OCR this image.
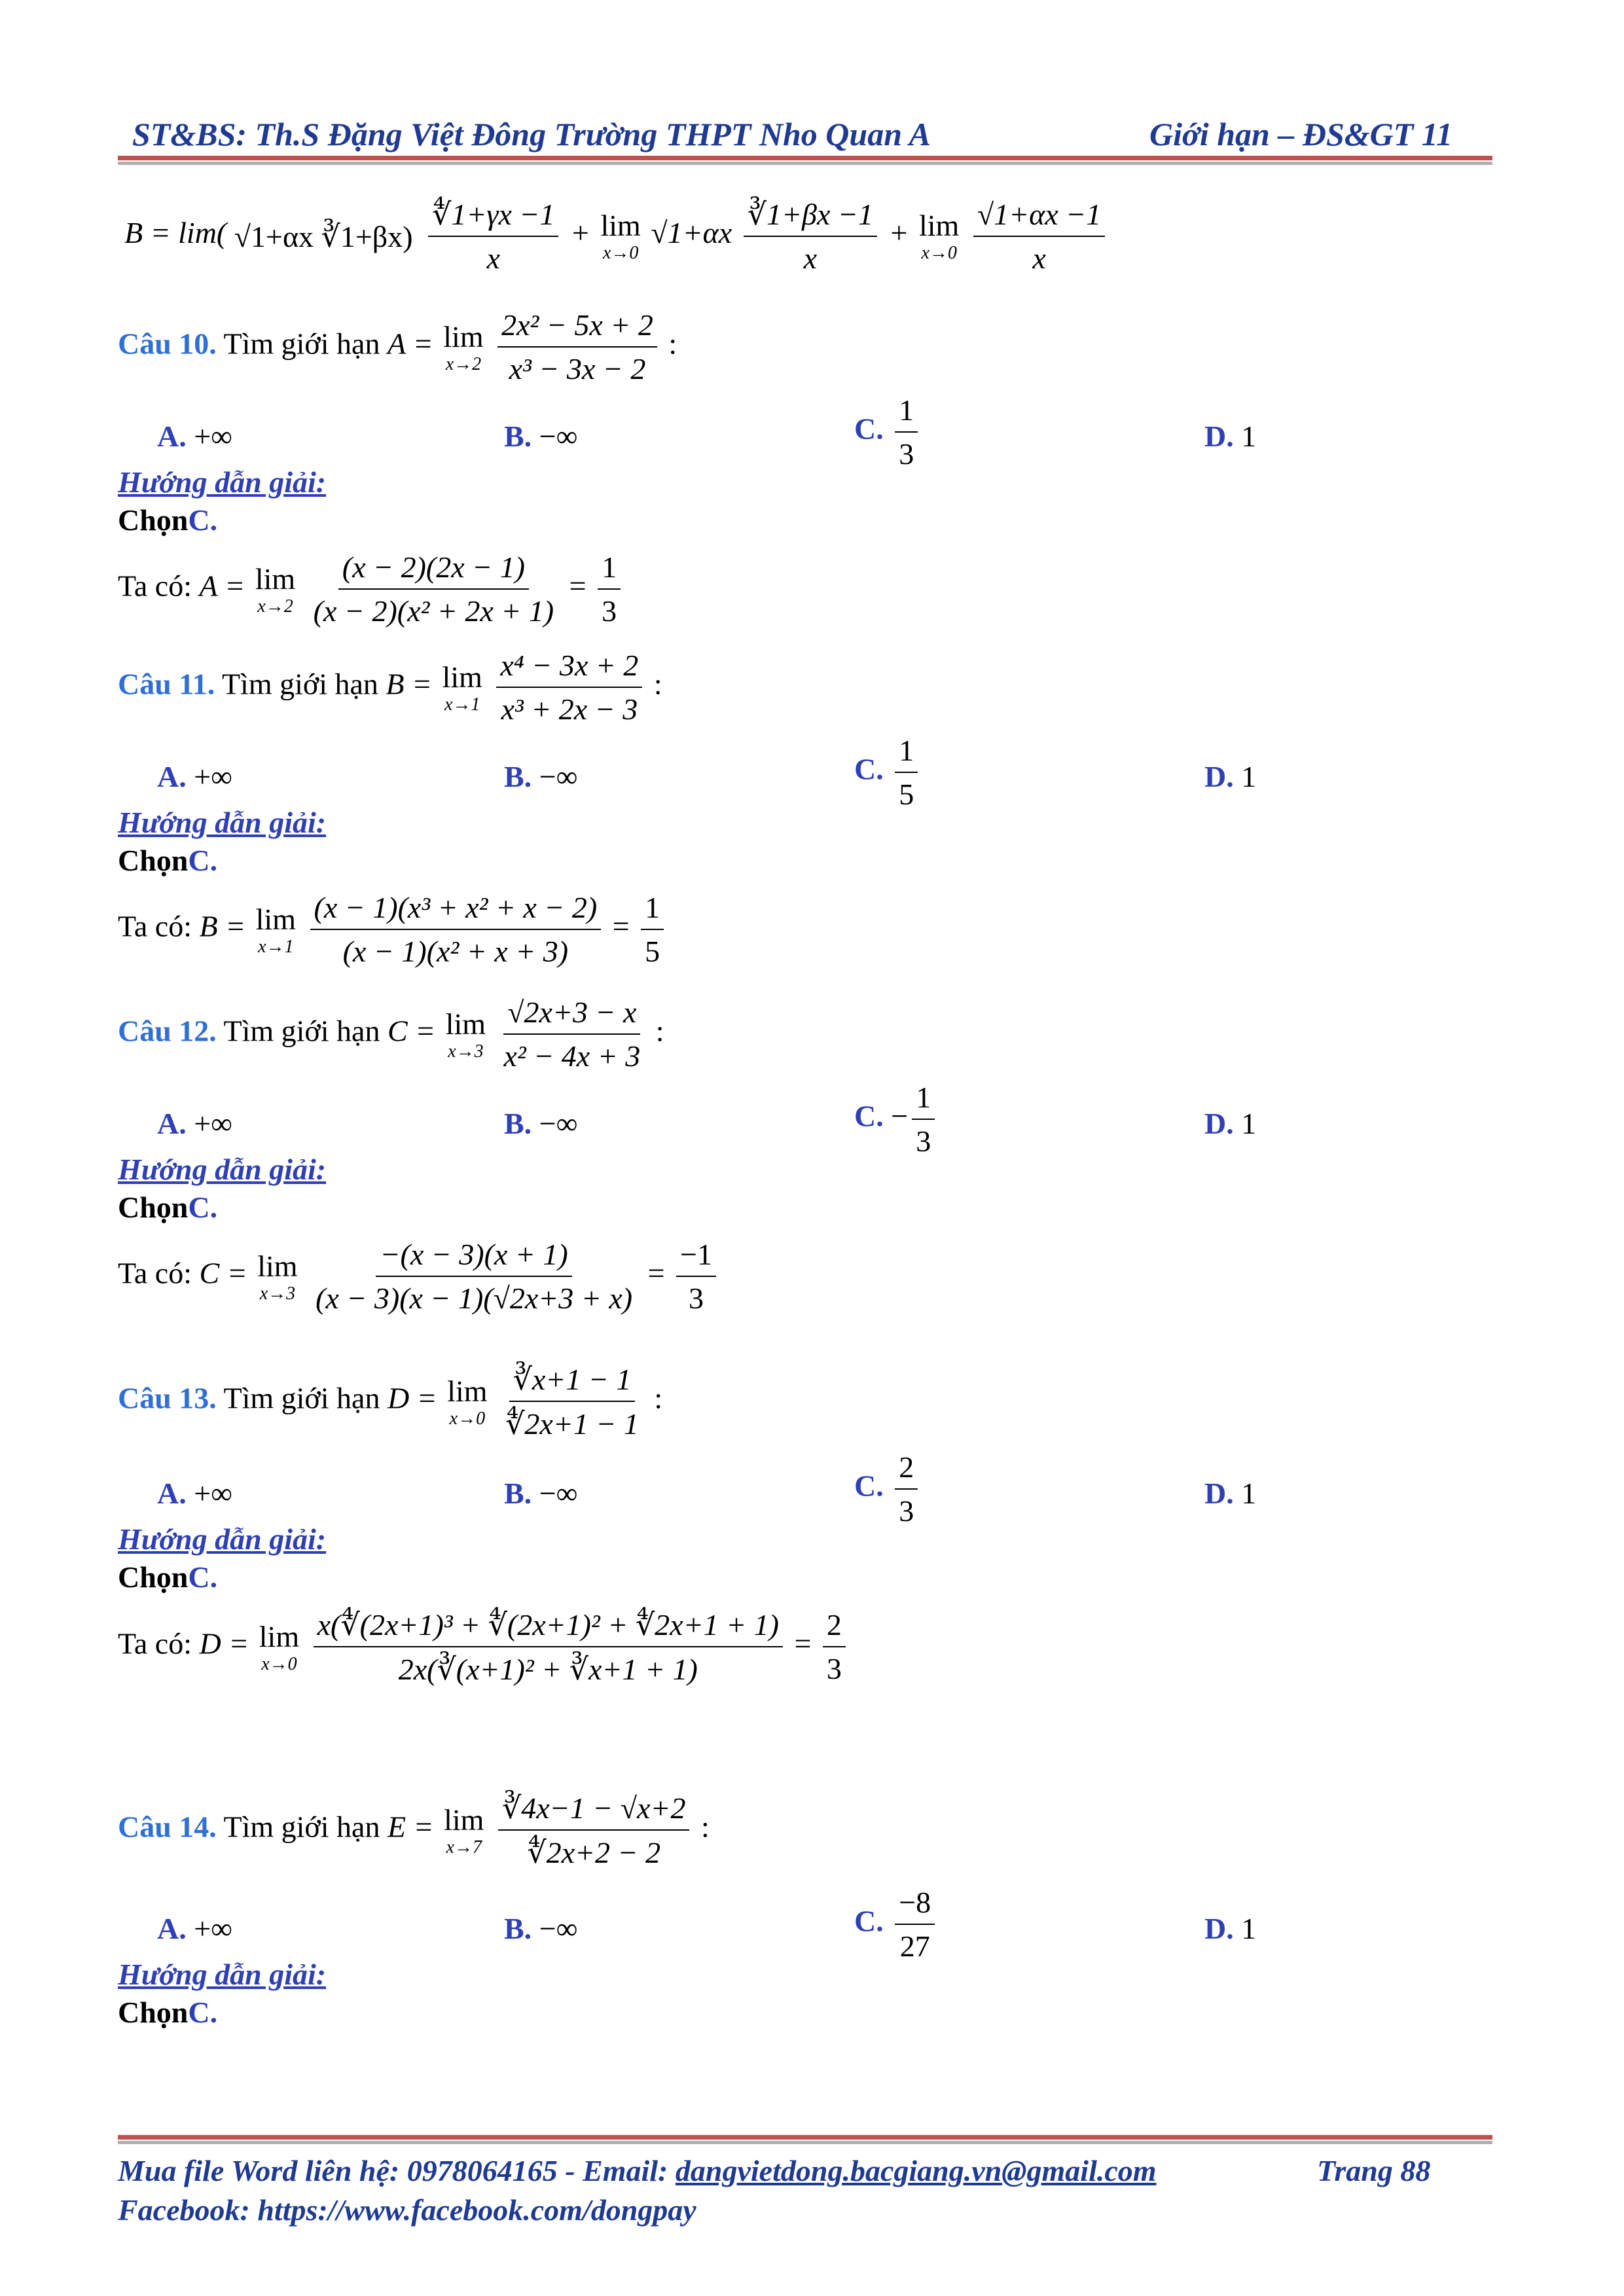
ST&BS: Th.S Đặng Việt Đông Trường THPT Nho Quan A	Giới hạn – ĐS&GT 11
B = lim( √1+αx ∛1+βx)
$\frac{∜1+\gamma x -1}{x} + \lim$
x→0
$√1+\alpha x \frac{∛1+\beta x -1}{x} + \lim$
x→0
$\frac{√1+\alpha x -1}{x}$
Câu 10. Tìm giới hạn A = lim
x→2
$\frac{\text{2x² − 5x + 2}}{\text{x³ − 3x − 2}}$ :
A. +∞	B. −∞	C. $\frac{1}{3}$	D. 1
Hướng dẫn giải:
ChọnC.
Ta có: A = lim
x→2
$\frac{(x - 2)(2x - 1)}{\text{(x − 2)(x² + 2x + 1)}} = \frac{1}{3}$
Câu 11. Tìm giới hạn B = lim
x→1
$\frac{\text{x⁴ − 3x + 2}}{\text{x³ + 2x − 3}}$ :
A. +∞	B. −∞	C. $\frac{1}{5}$	D. 1
Hướng dẫn giải:
ChọnC.
Ta có: B = lim
x→1
$\frac{\text{(x − 1)(x³ + x² + x − 2)}}{\text{(x − 1)(x² + x + 3)}} = \frac{1}{5}$
Câu 12. Tìm giới hạn C = lim
x→3
$\frac{√2x+3 - x}{\text{x² − 4x + 3}}$ :
A. +∞	B. −∞	C. − $\frac{1}{3}$	D. 1
Hướng dẫn giải:
ChọnC.
Ta có: C = lim
x→3
$\frac{-(x - 3)(x + 1)}{(x - 3)(x - 1)(√2x+3 + x)} = \frac{-1}{3}$
Câu 13. Tìm giới hạn D = lim
x→0
$\frac{∛x+1 - 1}{∜2x+1 - 1}$ :
A. +∞	B. −∞	C. $\frac{2}{3}$	D. 1
Hướng dẫn giải:
ChọnC.
Ta có: D = lim
x→0
$\frac{\text{x(∜(2x+1)³ + ∜(2x+1)² + ∜2x+1 + 1)}}{\text{2x(∛(x+1)² + ∛x+1 + 1)}} = \frac{2}{3}$
Câu 14. Tìm giới hạn E = lim
x→7
$\frac{∛4x-1 - √x+2}{∜2x+2 - 2}$ :
A. +∞	B. −∞	C. $\frac{-8}{27}$	D. 1
Hướng dẫn giải:
ChọnC.
Mua file Word liên hệ: 0978064165 - Email: dangvietdong.bacgiang.vn@gmail.com	Trang 88
Facebook: https://www.facebook.com/dongpay
